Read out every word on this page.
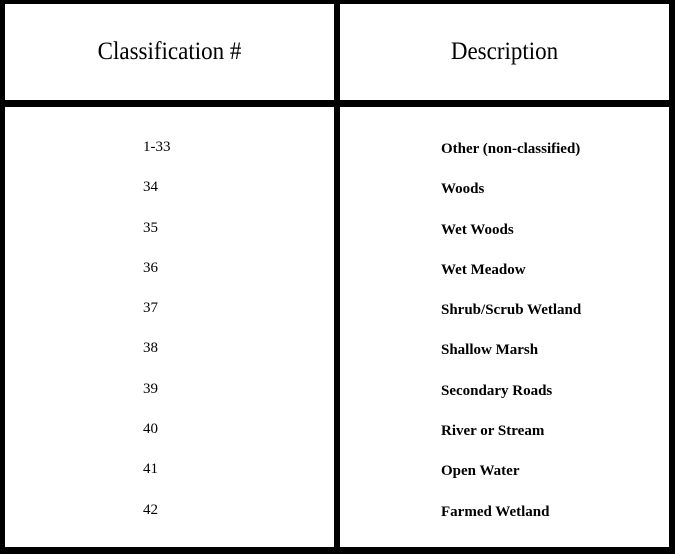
Classification #	Description
1-33	Other (non-classified)
34	Woods
35	Wet Woods
36	Wet Meadow
37	Shrub/Scrub Wetland
38	Shallow Marsh
39	Secondary Roads
40	River or Stream
41	Open Water
42	Farmed Wetland
